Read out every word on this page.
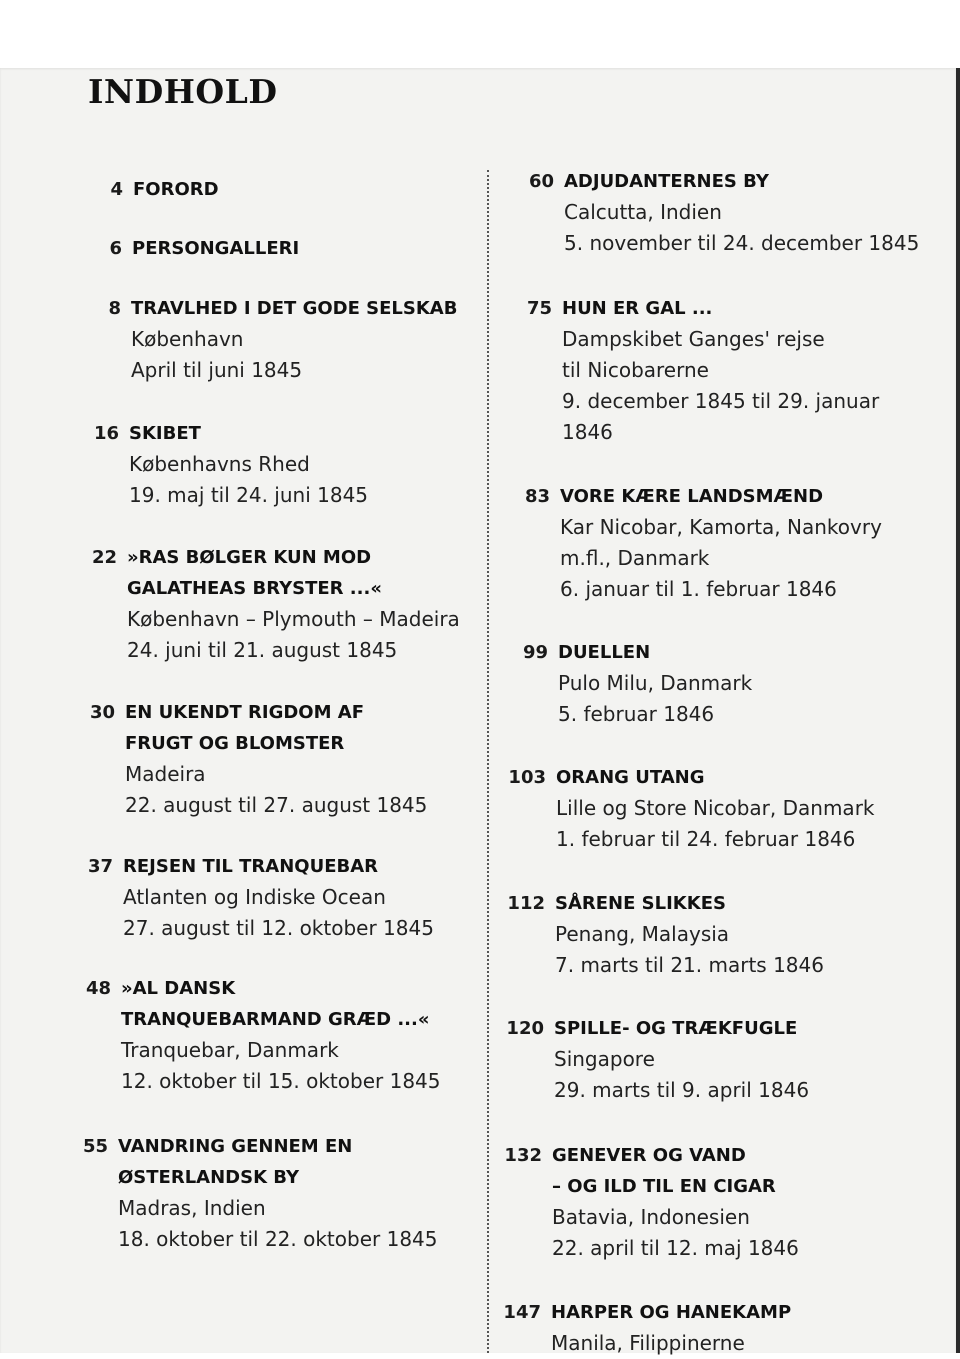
INDHOLD
4 FORORD
6 PERSONGALLERI
8 TRAVLHED I DET GODE SELSKAB
København
April til juni 1845
16 SKIBET
Københavns Rhed
19. maj til 24. juni 1845
22 »RAS BØLGER KUN MOD
GALATHEAS BRYSTER ...«
København – Plymouth – Madeira
24. juni til 21. august 1845
30 EN UKENDT RIGDOM AF
FRUGT OG BLOMSTER
Madeira
22. august til 27. august 1845
37 REJSEN TIL TRANQUEBAR
Atlanten og Indiske Ocean
27. august til 12. oktober 1845
48 »AL DANSK
TRANQUEBARMAND GRÆD ...«
Tranquebar, Danmark
12. oktober til 15. oktober 1845
55 VANDRING GENNEM EN
ØSTERLANDSK BY
Madras, Indien
18. oktober til 22. oktober 1845
60 ADJUDANTERNES BY
Calcutta, Indien
5. november til 24. december 1845
75 HUN ER GAL ...
Dampskibet Ganges' rejse
til Nicobarerne
9. december 1845 til 29. januar
1846
83 VORE KÆRE LANDSMÆND
Kar Nicobar, Kamorta, Nankovry
m.fl., Danmark
6. januar til 1. februar 1846
99 DUELLEN
Pulo Milu, Danmark
5. februar 1846
103 ORANG UTANG
Lille og Store Nicobar, Danmark
1. februar til 24. februar 1846
112 SÅRENE SLIKKES
Penang, Malaysia
7. marts til 21. marts 1846
120 SPILLE- OG TRÆKFUGLE
Singapore
29. marts til 9. april 1846
132 GENEVER OG VAND
– OG ILD TIL EN CIGAR
Batavia, Indonesien
22. april til 12. maj 1846
147 HARPER OG HANEKAMP
Manila, Filippinerne
